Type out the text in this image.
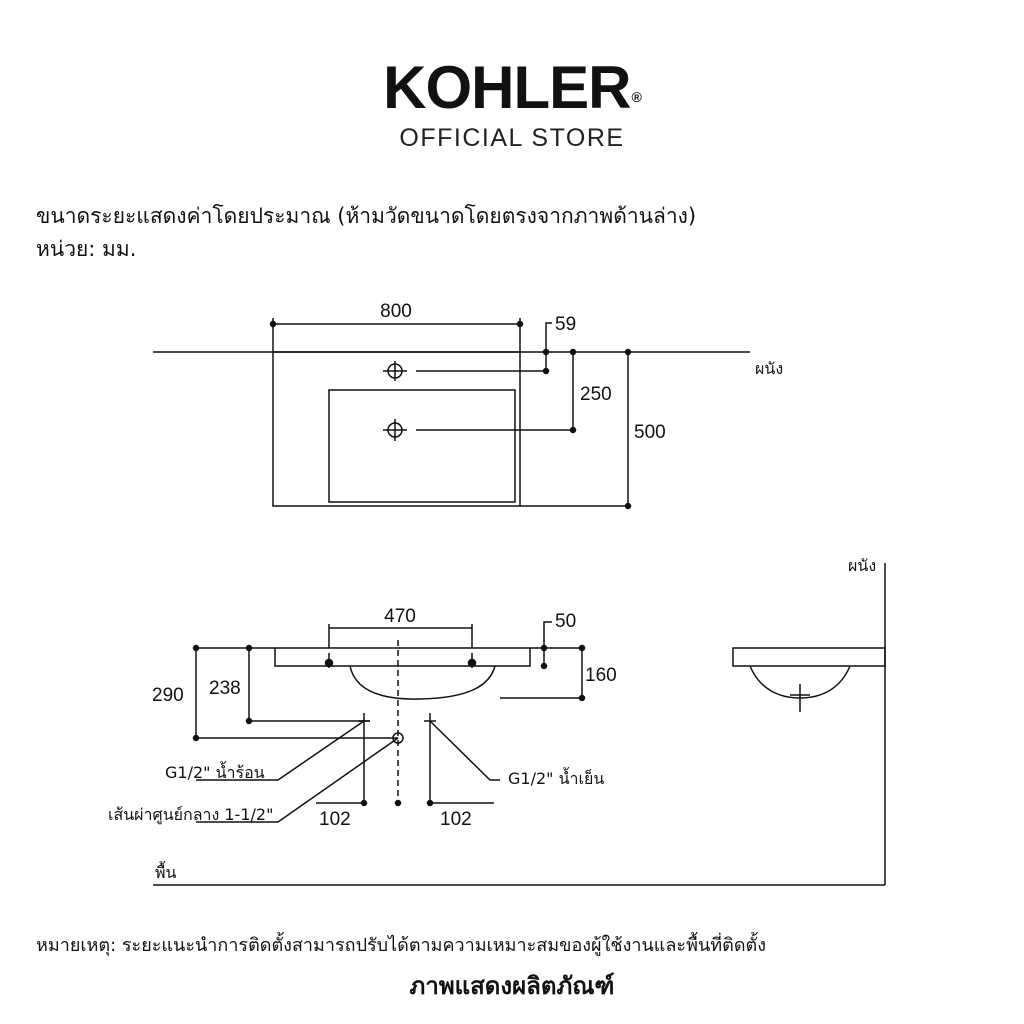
KOHLER®
OFFICIAL STORE
ขนาดระยะแสดงค่าโดยประมาณ (ห้ามวัดขนาดโดยตรงจากภาพด้านล่าง)
หน่วย: มม.
800
59
250
500
ผนัง
470	50
160
290 238
G1/2" น้ำร้อน	G1/2" น้ำเย็น
เส้นผ่าศูนย์กลาง 1-1/2" 102	102
พื้น
ผนัง
หมายเหตุ: ระยะแนะนำการติดตั้งสามารถปรับได้ตามความเหมาะสมของผู้ใช้งานและพื้นที่ติดตั้ง
ภาพแสดงผลิตภัณฑ์
